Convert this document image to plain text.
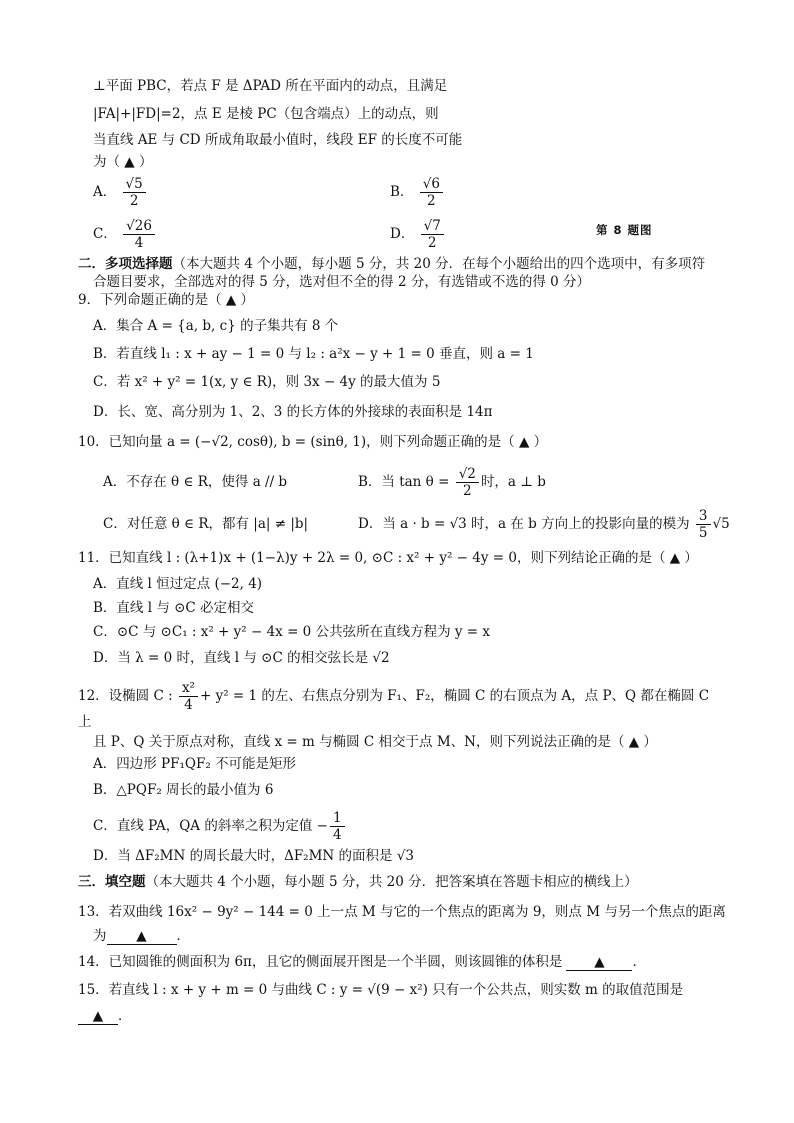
⊥平面 PBC，若点 F 是 ΔPAD 所在平面内的动点，且满足
|FA|+|FD|=2，点 E 是棱 PC（包含端点）上的动点，则
当直线 AE 与 CD 所成角取最小值时，线段 EF 的长度不可能
为（ ▲ ）
A． $\frac{√5}{2}$	B． $\frac{√6}{2}$
C． $\frac{√26}{4}$	D． $\frac{√7}{2}$	第 8 题图
二．多项选择题（本大题共 4 个小题，每小题 5 分，共 20 分．在每个小题给出的四个选项中，有多项符
合题目要求，全部选对的得 5 分，选对但不全的得 2 分，有选错或不选的得 0 分）
9．下列命题正确的是（ ▲ ）
A．集合 A = {a, b, c} 的子集共有 8 个
B．若直线 l₁ : x + ay − 1 = 0 与 l₂ : a²x − y + 1 = 0 垂直，则 a = 1
C．若 x² + y² = 1(x, y ∈ R)，则 3x − 4y 的最大值为 5
D．长、宽、高分别为 1、2、3 的长方体的外接球的表面积是 14π
10．已知向量 a = (−√2, cosθ), b = (sinθ, 1)，则下列命题正确的是（ ▲ ）
A．不存在 θ ∈ R，使得 a // b	B．当 $\tan \theta = \frac{√2}{2}$ 时，a ⊥ b
C．对任意 θ ∈ R，都有 |a| ≠ |b|	D．当 a · b = √3 时，a 在 b 方向上的投影向量的模为 $\frac{3}{5} √5$
11．已知直线 l : (λ+1)x + (1−λ)y + 2λ = 0, ⊙C : x² + y² − 4y = 0，则下列结论正确的是（ ▲ ）
A．直线 l 恒过定点 (−2, 4)
B．直线 l 与 ⊙C 必定相交
C．⊙C 与 ⊙C₁ : x² + y² − 4x = 0 公共弦所在直线方程为 y = x
D．当 λ = 0 时，直线 l 与 ⊙C 的相交弦长是 √2
12．设椭圆 C : $\frac{\text{x²}}{4} + y^2 = 1$ 的左、右焦点分别为 F₁、F₂，椭圆 C 的右顶点为 A，点 P、Q 都在椭圆 C
上
且 P、Q 关于原点对称，直线 x = m 与椭圆 C 相交于点 M、N，则下列说法正确的是（ ▲ ）
A．四边形 PF₁QF₂ 不可能是矩形
B．△PQF₂ 周长的最小值为 6
C．直线 PA，QA 的斜率之积为定值 − $\frac{1}{4}$
D．当 ΔF₂MN 的周长最大时，ΔF₂MN 的面积是 √3
三．填空题（本大题共 4 个小题，每小题 5 分，共 20 分．把答案填在答题卡相应的横线上）
13．若双曲线 16x² − 9y² − 144 = 0 上一点 M 与它的一个焦点的距离为 9，则点 M 与另一个焦点的距离
为 ▲ ．
14．已知圆锥的侧面积为 6π，且它的侧面展开图是一个半圆，则该圆锥的体积是 ▲ ．
15．若直线 l : x + y + m = 0 与曲线 C : y = √(9 − x²) 只有一个公共点，则实数 m 的取值范围是
▲ ．
